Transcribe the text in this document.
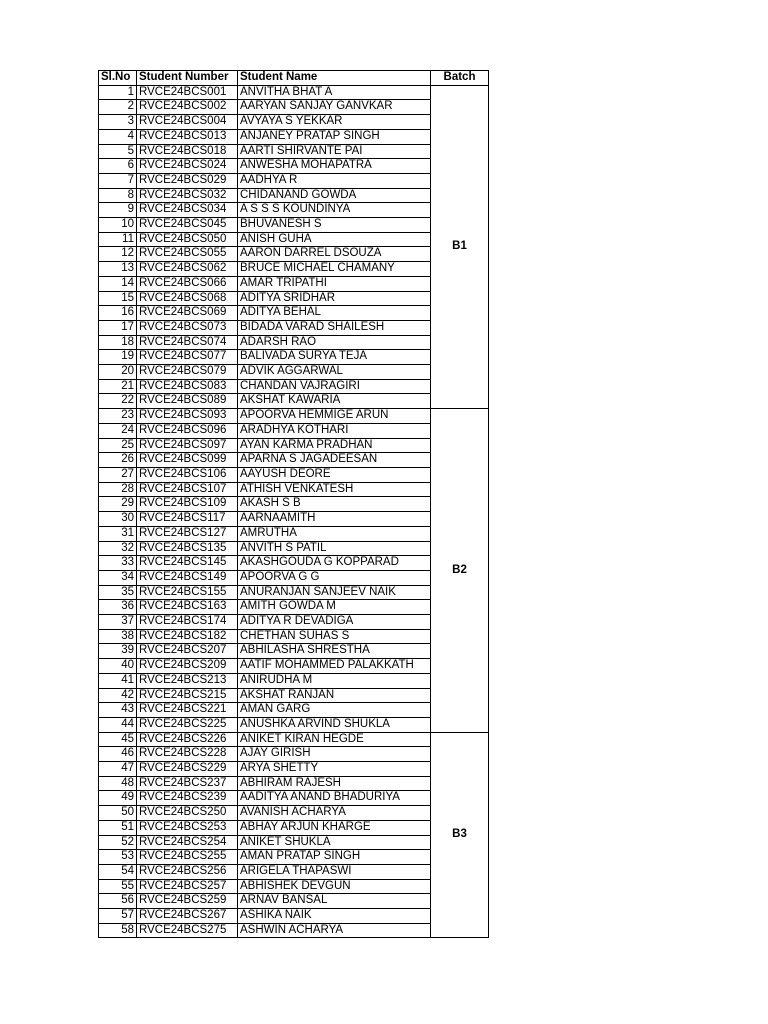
Sl.No	Student Number	Student Name	Batch
1	RVCE24BCS001	ANVITHA BHAT A	B1
2	RVCE24BCS002	AARYAN SANJAY GANVKAR	
3	RVCE24BCS004	AVYAYA S YEKKAR	
4	RVCE24BCS013	ANJANEY PRATAP SINGH	
5	RVCE24BCS018	AARTI SHIRVANTE PAI	
6	RVCE24BCS024	ANWESHA MOHAPATRA	
7	RVCE24BCS029	AADHYA R	
8	RVCE24BCS032	CHIDANAND GOWDA	
9	RVCE24BCS034	A S S S KOUNDINYA	
10	RVCE24BCS045	BHUVANESH S	
11	RVCE24BCS050	ANISH GUHA	
12	RVCE24BCS055	AARON DARREL DSOUZA	
13	RVCE24BCS062	BRUCE MICHAEL CHAMANY	
14	RVCE24BCS066	AMAR TRIPATHI	
15	RVCE24BCS068	ADITYA SRIDHAR	
16	RVCE24BCS069	ADITYA BEHAL	
17	RVCE24BCS073	BIDADA VARAD SHAILESH	
18	RVCE24BCS074	ADARSH RAO	
19	RVCE24BCS077	BALIVADA SURYA TEJA	
20	RVCE24BCS079	ADVIK AGGARWAL	
21	RVCE24BCS083	CHANDAN VAJRAGIRI	
22	RVCE24BCS089	AKSHAT KAWARIA	
23	RVCE24BCS093	APOORVA HEMMIGE ARUN	B2
24	RVCE24BCS096	ARADHYA KOTHARI	
25	RVCE24BCS097	AYAN KARMA PRADHAN	
26	RVCE24BCS099	APARNA S JAGADEESAN	
27	RVCE24BCS106	AAYUSH DEORE	
28	RVCE24BCS107	ATHISH VENKATESH	
29	RVCE24BCS109	AKASH S B	
30	RVCE24BCS117	AARNAAMITH	
31	RVCE24BCS127	AMRUTHA	
32	RVCE24BCS135	ANVITH S PATIL	
33	RVCE24BCS145	AKASHGOUDA G KOPPARAD	
34	RVCE24BCS149	APOORVA G G	
35	RVCE24BCS155	ANURANJAN SANJEEV NAIK	
36	RVCE24BCS163	AMITH GOWDA M	
37	RVCE24BCS174	ADITYA R DEVADIGA	
38	RVCE24BCS182	CHETHAN SUHAS S	
39	RVCE24BCS207	ABHILASHA SHRESTHA	
40	RVCE24BCS209	AATIF MOHAMMED PALAKKATH	
41	RVCE24BCS213	ANIRUDHA M	
42	RVCE24BCS215	AKSHAT RANJAN	
43	RVCE24BCS221	AMAN GARG	
44	RVCE24BCS225	ANUSHKA ARVIND SHUKLA	
45	RVCE24BCS226	ANIKET KIRAN HEGDE	B3
46	RVCE24BCS228	AJAY GIRISH	
47	RVCE24BCS229	ARYA SHETTY	
48	RVCE24BCS237	ABHIRAM RAJESH	
49	RVCE24BCS239	AADITYA ANAND BHADURIYA	
50	RVCE24BCS250	AVANISH ACHARYA	
51	RVCE24BCS253	ABHAY ARJUN KHARGE	
52	RVCE24BCS254	ANIKET SHUKLA	
53	RVCE24BCS255	AMAN PRATAP SINGH	
54	RVCE24BCS256	ARIGELA THAPASWI	
55	RVCE24BCS257	ABHISHEK DEVGUN	
56	RVCE24BCS259	ARNAV BANSAL	
57	RVCE24BCS267	ASHIKA NAIK	
58	RVCE24BCS275	ASHWIN ACHARYA	
